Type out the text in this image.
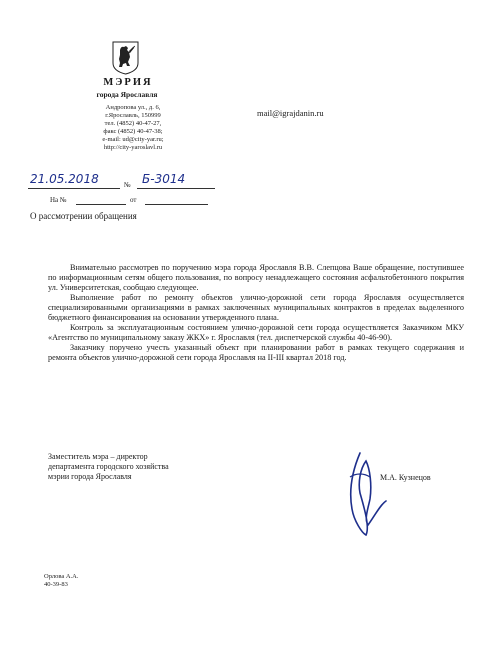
МЭРИЯ
города Ярославля
Андропова ул., д. 6,
г.Ярославль, 150999
тел. (4852) 40-47-27,
факс (4852) 40-47-38;
e-mail: ud@city-yar.ru;
http://city-yaroslavl.ru
mail@igrajdanin.ru
21.05.2018	№ Б-3014
На №	от
О рассмотрении обращения

Внимательно рассмотрев по поручению мэра города Ярославля В.В. Слепцова Ваше обращение, поступившее по информационным сетям общего пользования, по вопросу ненадлежащего состояния асфальтобетонного покрытия ул. Университетская, сообщаю следующее.

Выполнение работ по ремонту объектов улично-дорожной сети города Ярославля осуществляется специализированными организациями в рамках заключенных муниципальных контрактов в пределах выделенного бюджетного финансирования на основании утвержденного плана.

Контроль за эксплуатационным состоянием улично-дорожной сети города осуществляется Заказчиком МКУ «Агентство по муниципальному заказу ЖКХ» г. Ярославля (тел. диспетчерской службы 40-46-90).

Заказчику поручено учесть указанный объект при планировании работ в рамках текущего содержания и ремонта объектов улично-дорожной сети города Ярославля на II-III квартал 2018 год.

Заместитель мэра – директор
департамента городского хозяйства
мэрии города Ярославля	М.А. Кузнецов
Орлова А.А.
40-39-83
